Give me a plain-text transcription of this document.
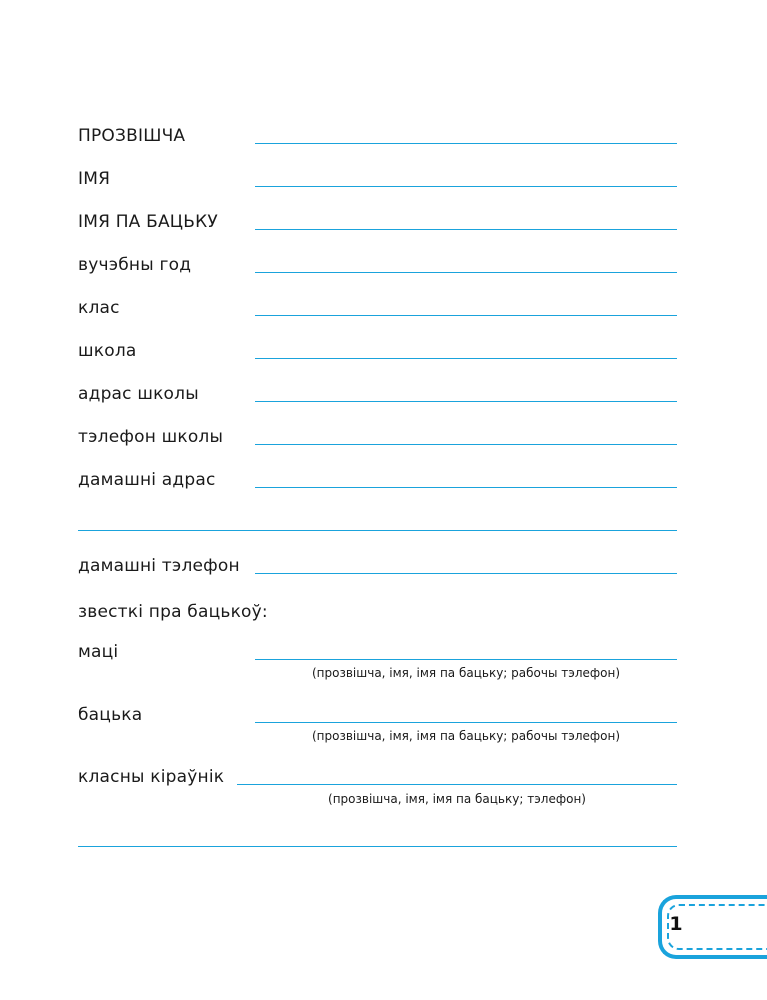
ПРОЗВІШЧА
ІМЯ
ІМЯ ПА БАЦЬКУ
вучэбны год
клас
школа
адрас школы
тэлефон школы
дамашні адрас
дамашні тэлефон
звесткі пра бацькоў:
маці
(прозвішча, імя, імя па бацьку; рабочы тэлефон)
бацька
(прозвішча, імя, імя па бацьку; рабочы тэлефон)
класны кіраўнік
(прозвішча, імя, імя па бацьку; тэлефон)
1
